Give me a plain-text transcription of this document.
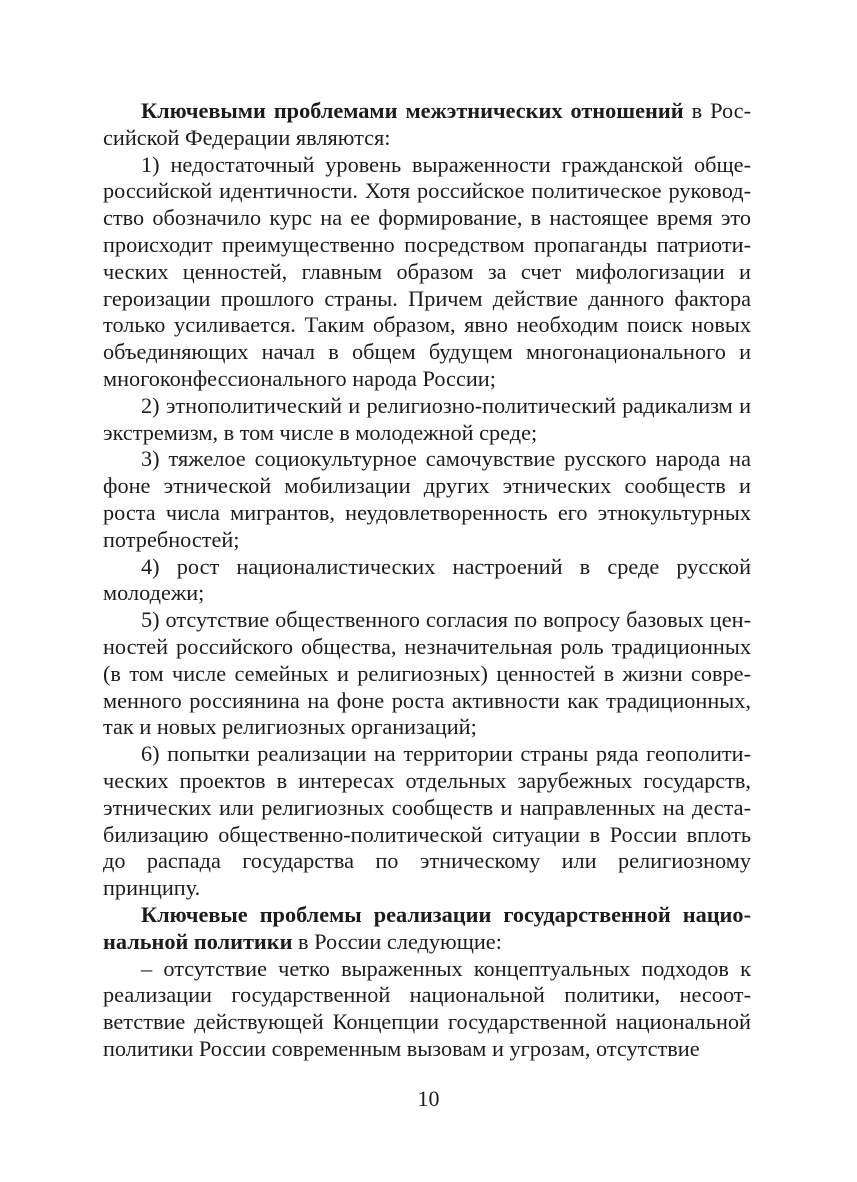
Ключевыми проблемами межэтнических отношений в Российской Федерации являются:

1) недостаточный уровень выраженности гражданской общероссийской идентичности. Хотя российское политическое руководство обозначило курс на ее формирование, в настоящее время это происходит преимущественно посредством пропаганды патриотических ценностей, главным образом за счет мифологизации и героизации прошлого страны. Причем действие данного фактора только усиливается. Таким образом, явно необходим поиск новых объединяющих начал в общем будущем многонационального и многоконфессионального народа России;

2) этнополитический и религиозно-политический радикализм и экстремизм, в том числе в молодежной среде;

3) тяжелое социокультурное самочувствие русского народа на фоне этнической мобилизации других этнических сообществ и роста числа мигрантов, неудовлетворенность его этнокультурных потребностей;

4) рост националистических настроений в среде русской молодежи;

5) отсутствие общественного согласия по вопросу базовых ценностей российского общества, незначительная роль традиционных (в том числе семейных и религиозных) ценностей в жизни современного россиянина на фоне роста активности как традиционных, так и новых религиозных организаций;

6) попытки реализации на территории страны ряда геополитических проектов в интересах отдельных зарубежных государств, этнических или религиозных сообществ и направленных на дестабилизацию общественно-политической ситуации в России вплоть до распада государства по этническому или религиозному принципу.

Ключевые проблемы реализации государственной национальной политики в России следующие:

– отсутствие четко выраженных концептуальных подходов к реализации государственной национальной политики, несоответствие действующей Концепции государственной национальной политики России современным вызовам и угрозам, отсутствие

10
